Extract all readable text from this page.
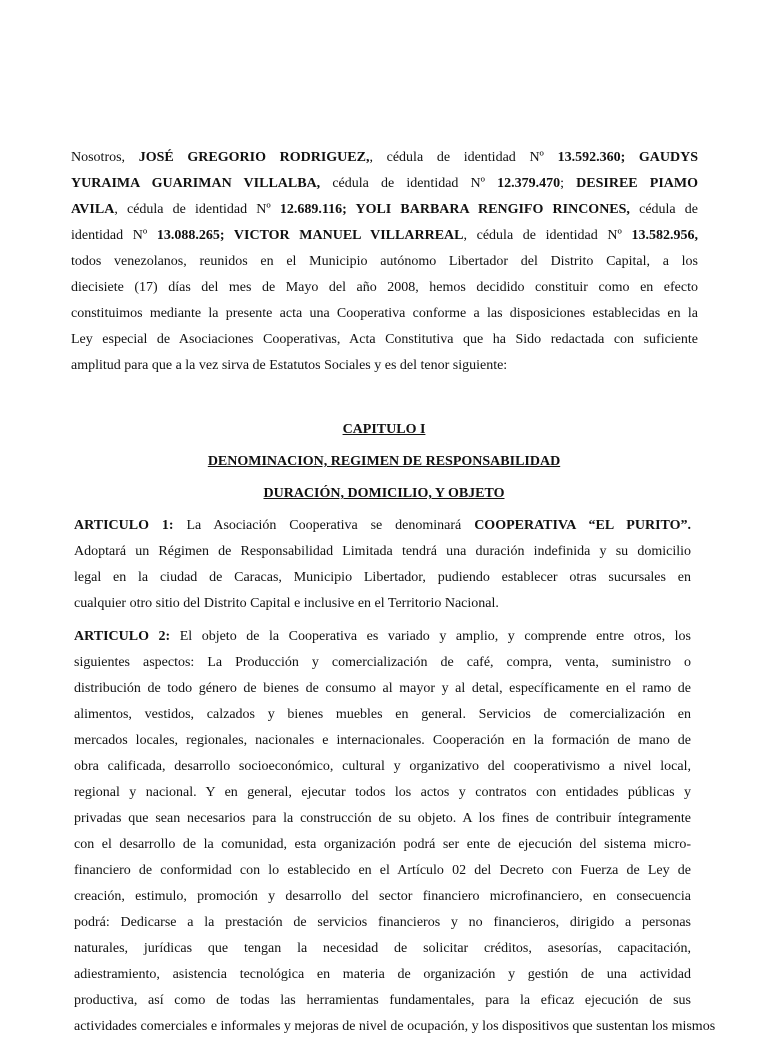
Nosotros, JOSÉ GREGORIO RODRIGUEZ,, cédula de identidad Nº 13.592.360; GAUDYS
YURAIMA GUARIMAN VILLALBA, cédula de identidad Nº 12.379.470; DESIREE PIAMO
AVILA, cédula de identidad Nº 12.689.116; YOLI BARBARA RENGIFO RINCONES, cédula de
identidad Nº 13.088.265; VICTOR MANUEL VILLARREAL, cédula de identidad Nº 13.582.956,
todos venezolanos, reunidos en el Municipio autónomo Libertador del Distrito Capital, a los
diecisiete (17) días del mes de Mayo del año 2008, hemos decidido constituir como en efecto
constituimos mediante la presente acta una Cooperativa conforme a las disposiciones establecidas en la
Ley especial de Asociaciones Cooperativas, Acta Constitutiva que ha Sido redactada con suficiente
amplitud para que a la vez sirva de Estatutos Sociales y es del tenor siguiente:
CAPITULO I
DENOMINACION, REGIMEN DE RESPONSABILIDAD
DURACIÓN, DOMICILIO, Y OBJETO
ARTICULO 1: La Asociación Cooperativa se denominará COOPERATIVA “EL PURITO”.
Adoptará un Régimen de Responsabilidad Limitada tendrá una duración indefinida y su domicilio
legal en la ciudad de Caracas, Municipio Libertador, pudiendo establecer otras sucursales en
cualquier otro sitio del Distrito Capital e inclusive en el Territorio Nacional.
ARTICULO 2: El objeto de la Cooperativa es variado y amplio, y comprende entre otros, los
siguientes aspectos: La Producción y comercialización de café, compra, venta, suministro o
distribución de todo género de bienes de consumo al mayor y al detal, específicamente en el ramo de
alimentos, vestidos, calzados y bienes muebles en general. Servicios de comercialización en
mercados locales, regionales, nacionales e internacionales. Cooperación en la formación de mano de
obra calificada, desarrollo socioeconómico, cultural y organizativo del cooperativismo a nivel local,
regional y nacional. Y en general, ejecutar todos los actos y contratos con entidades públicas y
privadas que sean necesarios para la construcción de su objeto. A los fines de contribuir íntegramente
con el desarrollo de la comunidad, esta organización podrá ser ente de ejecución del sistema micro-
financiero de conformidad con lo establecido en el Artículo 02 del Decreto con Fuerza de Ley de
creación, estimulo, promoción y desarrollo del sector financiero microfinanciero, en consecuencia
podrá: Dedicarse a la prestación de servicios financieros y no financieros, dirigido a personas
naturales, jurídicas que tengan la necesidad de solicitar créditos, asesorías, capacitación,
adiestramiento, asistencia tecnológica en materia de organización y gestión de una actividad
productiva, así como de todas las herramientas fundamentales, para la eficaz ejecución de sus
actividades comerciales e informales y mejoras de nivel de ocupación, y los dispositivos que sustentan los mismos
